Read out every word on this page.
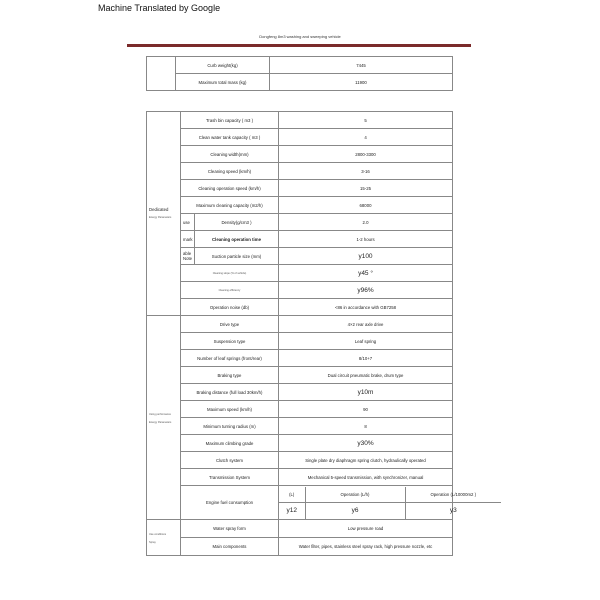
Machine Translated by Google
Dongfeng 8m3 washing and sweeping vehicle
	Curb weight(kg)	7445
	Maximum total mass (kg)	11900
Dedicated
Energy Parameters	Trash bin capacity ( m3 )	5
Clean water tank capacity ( m3 )	4
Cleaning width(mm)	2800-3300
Cleaning speed (km/h)	3-16
Cleaning operation speed (km/h)	15-25
Maximum cleaning capacity (m2/h)	68000
use	Density(g/cm3 )	2.0
mark	Cleaning operation time	1-2 hours
able
Note	Suction particle size (mm)	y100
Cleaning slope (% of vehicle)	y45 °
Cleaning efficiency	y96%
Operation noise (db)	<86 in accordance with GB7258
Using performance
Energy Parameters	Drive type	4×2 rear axle drive
Suspension type	Leaf spring
Number of leaf springs (front/rear)	8/10+7
Braking type	Dual circuit pneumatic brake, drum type
Braking distance (full load 30km/h)	y10m
Maximum speed (km/h)	90
Minimum turning radius (m)	8
Maximum climbing grade	y30%
Clutch system	Single plate dry diaphragm spring clutch, hydraulically operated
Transmission System	Mechanical 5-speed transmission, with synchronizer, manual
Engine fuel consumption	
(L)	Operation (L/h)	Operation (L/10000m2 )
y12	y6	y3

Use conditions
Spray	Water spray form	Low pressure road
Main components	Water filter, pipes, stainless steel spray rack, high pressure nozzle, etc
